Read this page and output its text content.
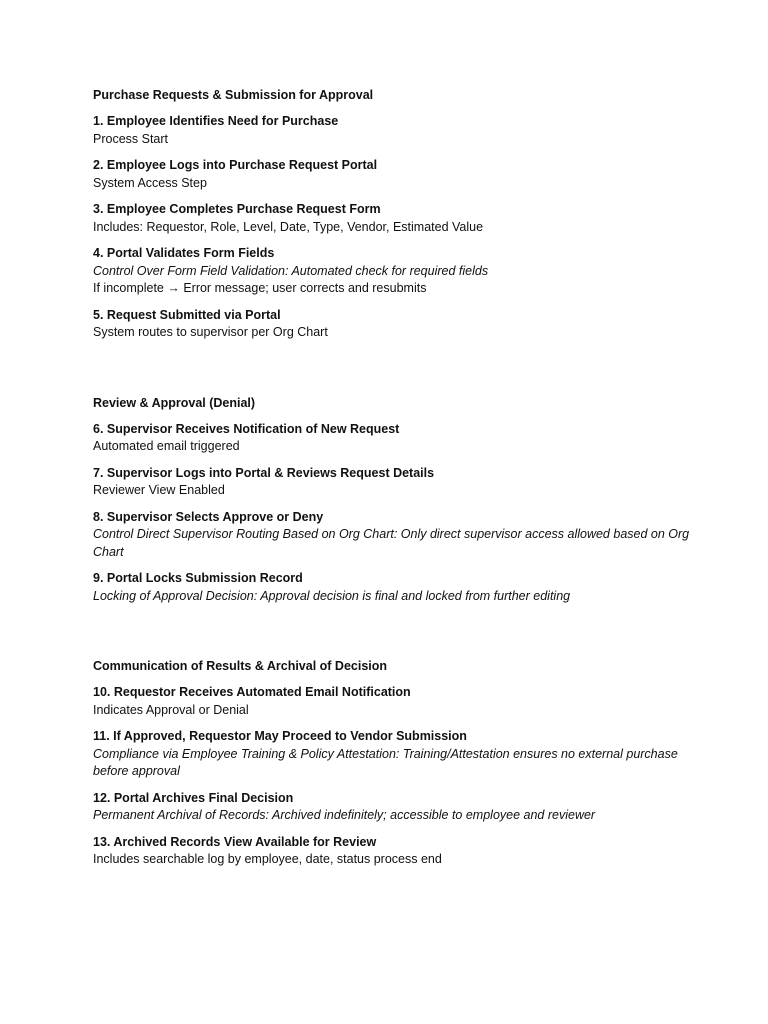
Purchase Requests & Submission for Approval

1. Employee Identifies Need for Purchase

Process Start

2. Employee Logs into Purchase Request Portal

System Access Step

3. Employee Completes Purchase Request Form

Includes: Requestor, Role, Level, Date, Type, Vendor, Estimated Value

4. Portal Validates Form Fields

Control Over Form Field Validation: Automated check for required fields

If incomplete → Error message; user corrects and resubmits

5. Request Submitted via Portal

System routes to supervisor per Org Chart

Review & Approval (Denial)

6. Supervisor Receives Notification of New Request

Automated email triggered

7. Supervisor Logs into Portal & Reviews Request Details

Reviewer View Enabled

8. Supervisor Selects Approve or Deny

Control Direct Supervisor Routing Based on Org Chart: Only direct supervisor access allowed based on Org Chart

9. Portal Locks Submission Record

Locking of Approval Decision: Approval decision is final and locked from further editing

Communication of Results & Archival of Decision

10. Requestor Receives Automated Email Notification

Indicates Approval or Denial

11. If Approved, Requestor May Proceed to Vendor Submission

Compliance via Employee Training & Policy Attestation: Training/Attestation ensures no external purchase before approval

12. Portal Archives Final Decision

Permanent Archival of Records: Archived indefinitely; accessible to employee and reviewer

13. Archived Records View Available for Review

Includes searchable log by employee, date, status process end
